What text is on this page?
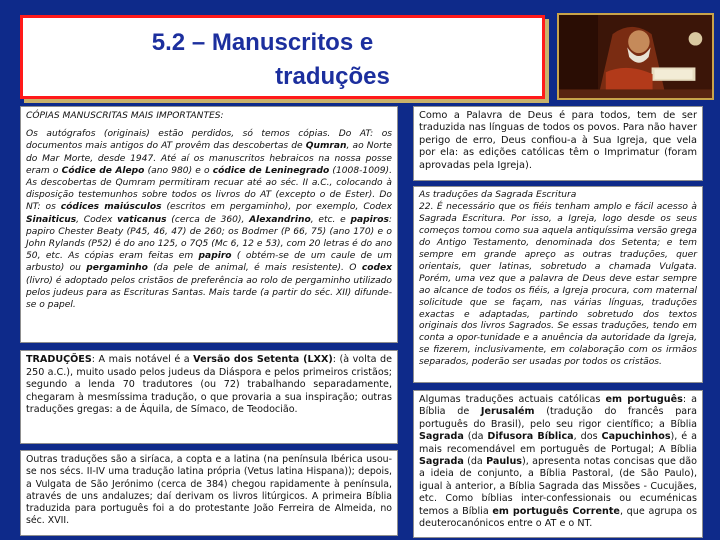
5.2 – Manuscritos e
traduções

CÓPIAS MANUSCRITAS MAIS IMPORTANTES:

Os autógrafos (originais) estão perdidos, só temos cópias. Do AT: os documentos mais antigos do AT provêm das descobertas de Qumran, ao Norte do Mar Morte, desde 1947. Até aí os manuscritos hebraicos na nossa posse eram o Códice de Alepo (ano 980) e o códice de Leninegrado (1008-1009). As descobertas de Qumram permitiram recuar até ao séc. II a.C., colocando à disposição testemunhos sobre todos os livros do AT (excepto o de Ester). Do NT: os códices maiúsculos (escritos em pergaminho), por exemplo, Codex Sinaiticus, Codex vaticanus (cerca de 360), Alexandrino, etc. e papiros: papiro Chester Beaty (P45, 46, 47) de 260; os Bodmer (P 66, 75) (ano 170) e o John Rylands (P52) é do ano 125, o 7Q5 (Mc 6, 12 e 53), com 20 letras é do ano 50, etc. As cópias eram feitas em papiro ( obtém-se de um caule de um arbusto) ou pergaminho (da pele de animal, é mais resistente). O codex (livro) é adoptado pelos cristãos de preferência ao rolo de pergaminho utilizado pelos judeus para as Escrituras Santas. Mais tarde (a partir do séc. XII) difunde-se o papel.

TRADUÇÕES: A mais notável é a Versão dos Setenta (LXX): (à volta de 250 a.C.), muito usado pelos judeus da Diáspora e pelos primeiros cristãos; segundo a lenda 70 tradutores (ou 72) trabalhando separadamente, chegaram à mesmíssima tradução, o que provaria a sua inspiração; outras traduções gregas: a de Áquila, de Símaco, de Teodocião.

Outras traduções são a siríaca, a copta e a latina (na península Ibérica usou-se nos sécs. II-IV uma tradução latina própria (Vetus latina Hispana)); depois, a Vulgata de São Jerónimo (cerca de 384) chegou rapidamente à península, através de uns andaluzes; daí derivam os livros litúrgicos. A primeira Bíblia traduzida para português foi a do protestante João Ferreira de Almeida, no séc. XVII.

Como a Palavra de Deus é para todos, tem de ser traduzida nas línguas de todos os povos. Para não haver perigo de erro, Deus confiou-a à Sua Igreja, que vela por ela: as edições católicas têm o Imprimatur (foram aprovadas pela Igreja).

As traduções da Sagrada Escritura
22. É necessário que os fiéis tenham amplo e fácil acesso à Sagrada Escritura. Por isso, a Igreja, logo desde os seus começos tomou como sua aquela antiquíssima versão grega do Antigo Testamento, denominada dos Setenta; e tem sempre em grande apreço as outras traduções, quer orientais, quer latinas, sobretudo a chamada Vulgata. Porém, uma vez que a palavra de Deus deve estar sempre ao alcance de todos os fiéis, a Igreja procura, com maternal solicitude que se façam, nas várias línguas, traduções exactas e adaptadas, partindo sobretudo dos textos originais dos livros Sagrados. Se essas traduções, tendo em conta a opor-tunidade e a anuência da autoridade da Igreja, se fizerem, inclusivamente, em colaboração com os irmãos separados, poderão ser usadas por todos os cristãos.

Algumas traduções actuais católicas em português: a Bíblia de Jerusalém (tradução do francês para português do Brasil), pelo seu rigor científico; a Bíblia Sagrada (da Difusora Bíblica, dos Capuchinhos), é a mais recomendável em português de Portugal; A Bíblia Sagrada (da Paulus), apresenta notas concisas que dão a ideia de conjunto, a Bíblia Pastoral, (de São Paulo), igual à anterior, a Bíblia Sagrada das Missões - Cucujães, etc. Como bíblias inter-confessionais ou ecuménicas temos a Bíblia em português Corrente, que agrupa os deuterocanónicos entre o AT e o NT.
